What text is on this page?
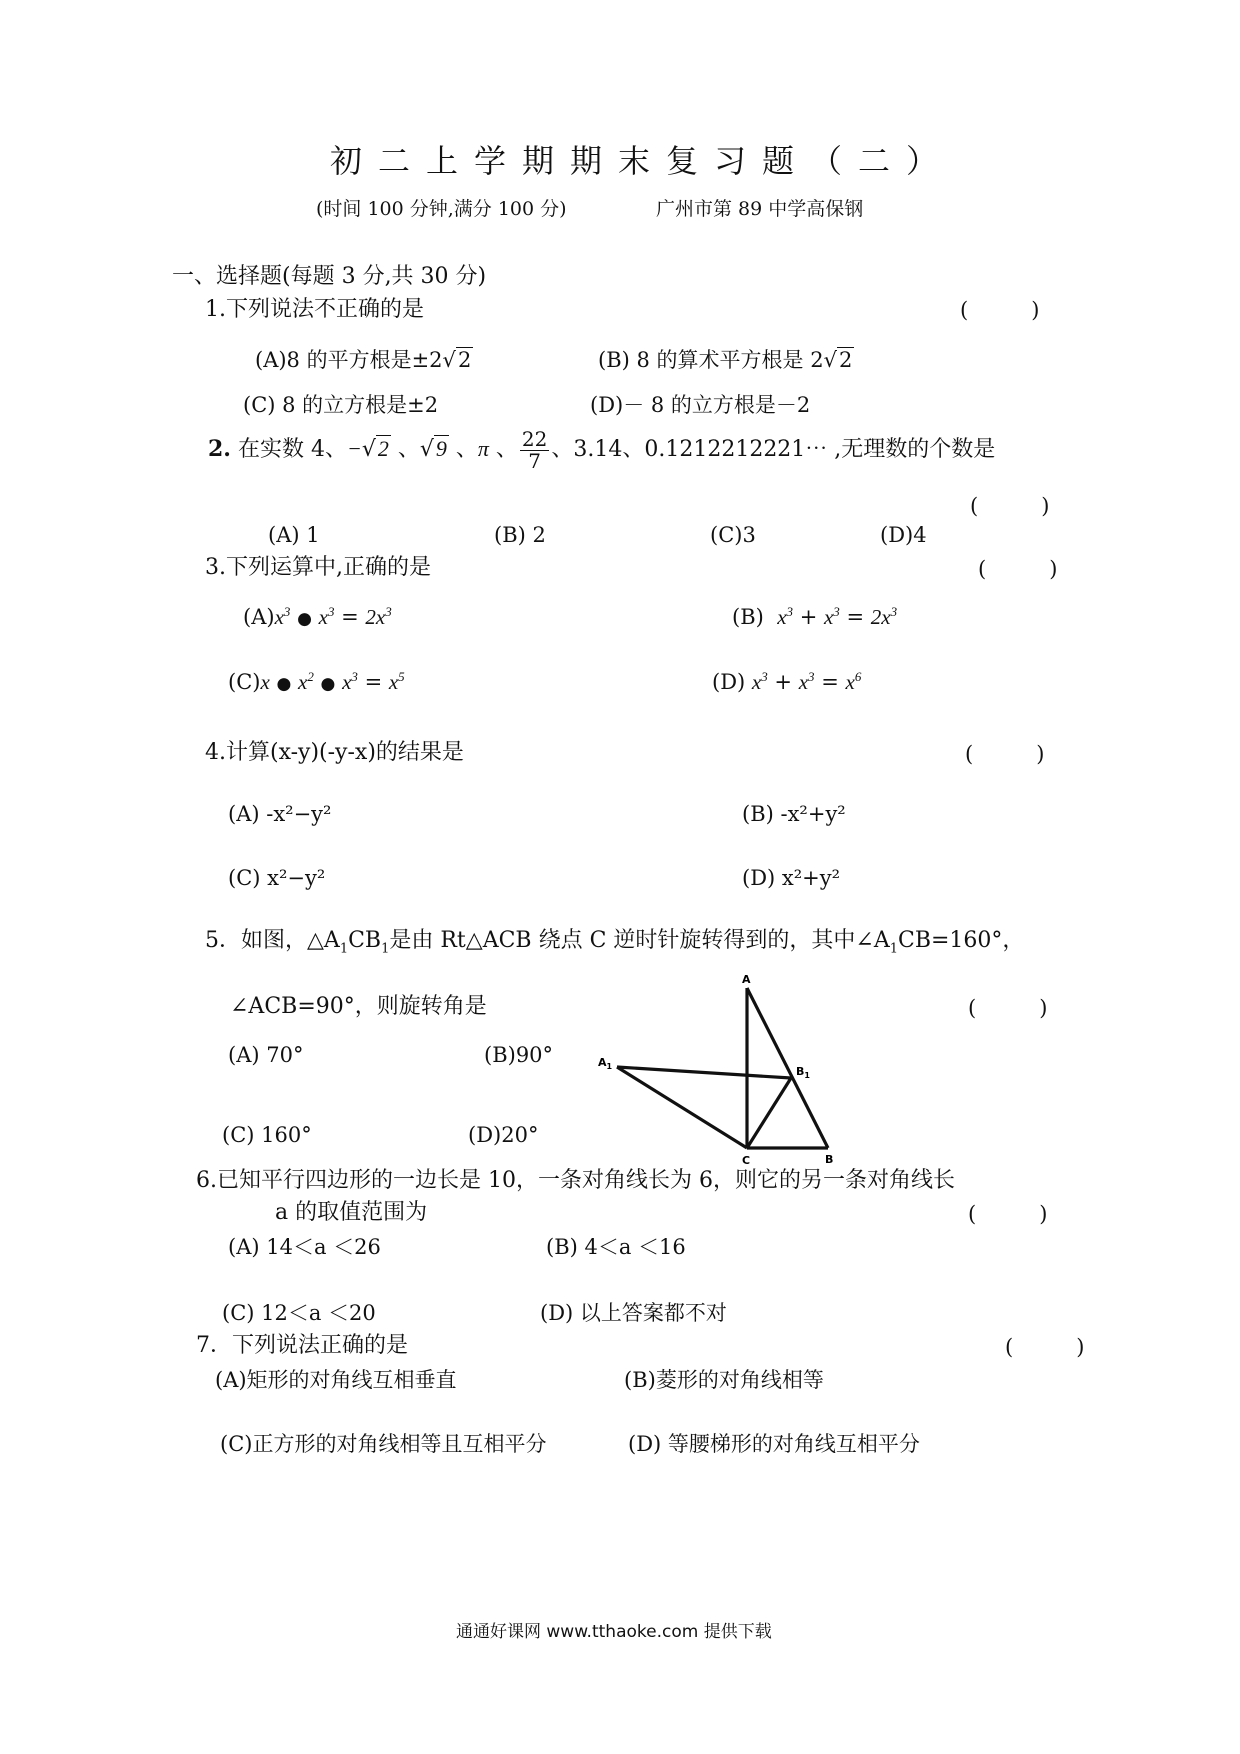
初二上学期期末复习题（二）
(时间 100 分钟,满分 100 分)	广州市第 89 中学高保钢
一、选择题(每题 3 分,共 30 分)
1.下列说法不正确的是	(　　　)
(A)8 的平方根是±2√2	(B) 8 的算术平方根是 2√2
(C) 8 的立方根是±2	(D)－ 8 的立方根是－2
2. 在实数 4、−√2 、√9 、π 、 $\frac{22}{7}$ 、3.14、0.1212212221⋯ ,无理数的个数是
(　　　)
(A) 1	(B) 2	(C)3	(D)4
3.下列运算中,正确的是	(　　　)
$(A)x^3$ ● $x^3 = 2x^3$	(B) $x^3 + x^3 = 2x^3$
(C)x ● $x^2$ ● $x^3 = x^5$	(D) $x^3 + x^3 = x^6$
4.计算(x-y)(-y-x)的结果是	(　　　)
(A) -x²−y²	(B) -x²+y²
(C) x²−y²	(D) x²+y²
5．如图，$\triangle A_1CB_1$是由 Rt△ACB 绕点 C 逆时针旋转得到的，其中$\angle A_1CB=160^\circ$，
∠ACB=90°，则旋转角是	(　　　)
(A) 70°	(B)90°
(C) 160°	(D)20°
A
$A_1$	$B_1$
C	B
6.已知平行四边形的一边长是 10，一条对角线长为 6，则它的另一条对角线长
a 的取值范围为	(　　　)
(A) 14＜a ＜26	(B) 4＜a ＜16
(C) 12＜a ＜20	(D) 以上答案都不对
7．下列说法正确的是	(　　　)
(A)矩形的对角线互相垂直	(B)菱形的对角线相等
(C)正方形的对角线相等且互相平分	(D) 等腰梯形的对角线互相平分
通通好课网 www.tthaoke.com 提供下载
